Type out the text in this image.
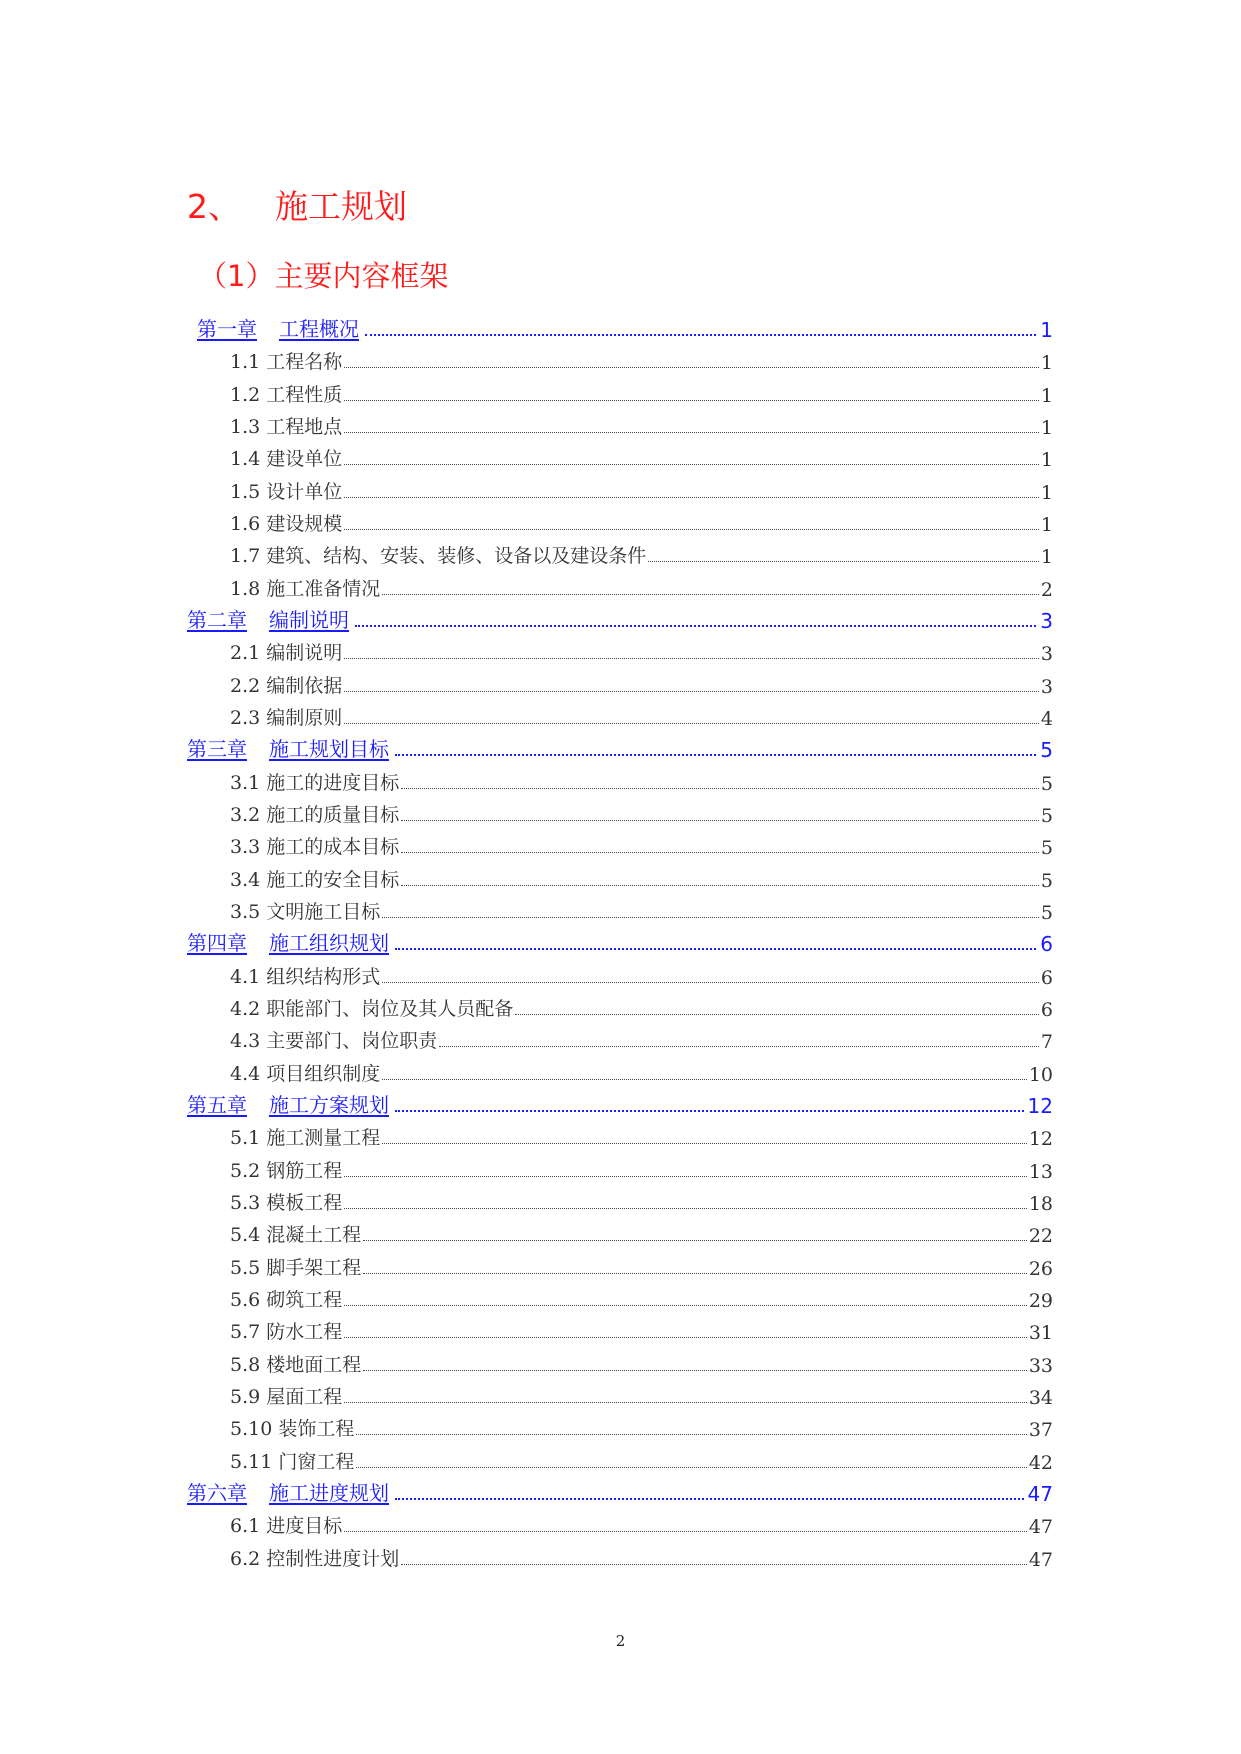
2、 施工规划
（1）主要内容框架
第一章 工程概况	1
1.1 工程名称	1
1.2 工程性质	1
1.3 工程地点	1
1.4 建设单位	1
1.5 设计单位	1
1.6 建设规模	1
1.7 建筑、结构、安装、装修、设备以及建设条件	1
1.8 施工准备情况	2
第二章 编制说明	3
2.1 编制说明	3
2.2 编制依据	3
2.3 编制原则	4
第三章 施工规划目标	5
3.1 施工的进度目标	5
3.2 施工的质量目标	5
3.3 施工的成本目标	5
3.4 施工的安全目标	5
3.5 文明施工目标	5
第四章 施工组织规划	6
4.1 组织结构形式	6
4.2 职能部门、岗位及其人员配备	6
4.3 主要部门、岗位职责	7
4.4 项目组织制度	10
第五章 施工方案规划	12
5.1 施工测量工程	12
5.2 钢筋工程	13
5.3 模板工程	18
5.4 混凝土工程	22
5.5 脚手架工程	26
5.6 砌筑工程	29
5.7 防水工程	31
5.8 楼地面工程	33
5.9 屋面工程	34
5.10 装饰工程	37
5.11 门窗工程	42
第六章 施工进度规划	47
6.1 进度目标	47
6.2 控制性进度计划	47
2
